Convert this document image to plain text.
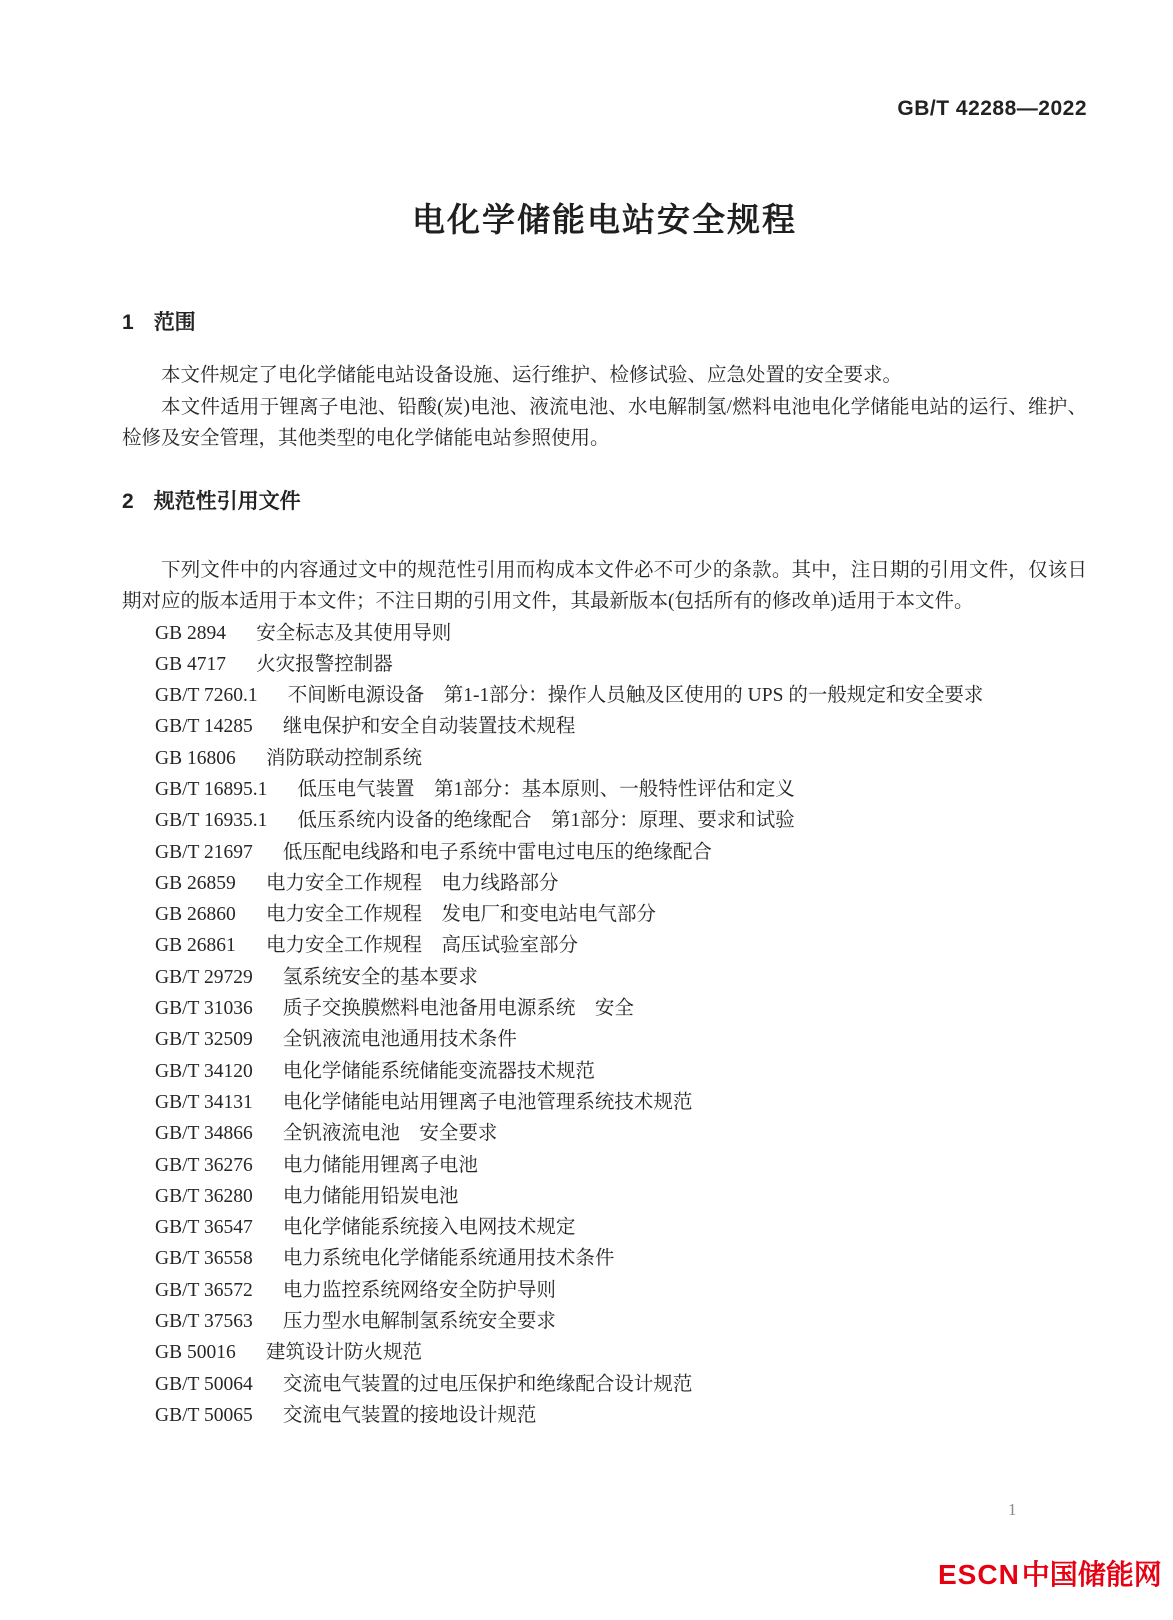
GB/T 42288—2022
电化学储能电站安全规程
1 范围

本文件规定了电化学储能电站设备设施、运行维护、检修试验、应急处置的安全要求。

本文件适用于锂离子电池、铅酸(炭)电池、液流电池、水电解制氢/燃料电池电化学储能电站的运行、维护、检修及安全管理，其他类型的电化学储能电站参照使用。

2 规范性引用文件

下列文件中的内容通过文中的规范性引用而构成本文件必不可少的条款。其中，注日期的引用文件，仅该日期对应的版本适用于本文件；不注日期的引用文件，其最新版本(包括所有的修改单)适用于本文件。

GB 2894 安全标志及其使用导则
GB 4717 火灾报警控制器
GB/T 7260.1 不间断电源设备　第1-1部分：操作人员触及区使用的 UPS 的一般规定和安全要求
GB/T 14285 继电保护和安全自动装置技术规程
GB 16806 消防联动控制系统
GB/T 16895.1 低压电气装置　第1部分：基本原则、一般特性评估和定义
GB/T 16935.1 低压系统内设备的绝缘配合　第1部分：原理、要求和试验
GB/T 21697 低压配电线路和电子系统中雷电过电压的绝缘配合
GB 26859 电力安全工作规程　电力线路部分
GB 26860 电力安全工作规程　发电厂和变电站电气部分
GB 26861 电力安全工作规程　高压试验室部分
GB/T 29729 氢系统安全的基本要求
GB/T 31036 质子交换膜燃料电池备用电源系统　安全
GB/T 32509 全钒液流电池通用技术条件
GB/T 34120 电化学储能系统储能变流器技术规范
GB/T 34131 电化学储能电站用锂离子电池管理系统技术规范
GB/T 34866 全钒液流电池　安全要求
GB/T 36276 电力储能用锂离子电池
GB/T 36280 电力储能用铅炭电池
GB/T 36547 电化学储能系统接入电网技术规定
GB/T 36558 电力系统电化学储能系统通用技术条件
GB/T 36572 电力监控系统网络安全防护导则
GB/T 37563 压力型水电解制氢系统安全要求
GB 50016 建筑设计防火规范
GB/T 50064 交流电气装置的过电压保护和绝缘配合设计规范
GB/T 50065 交流电气装置的接地设计规范
1
ESCN中国储能网
